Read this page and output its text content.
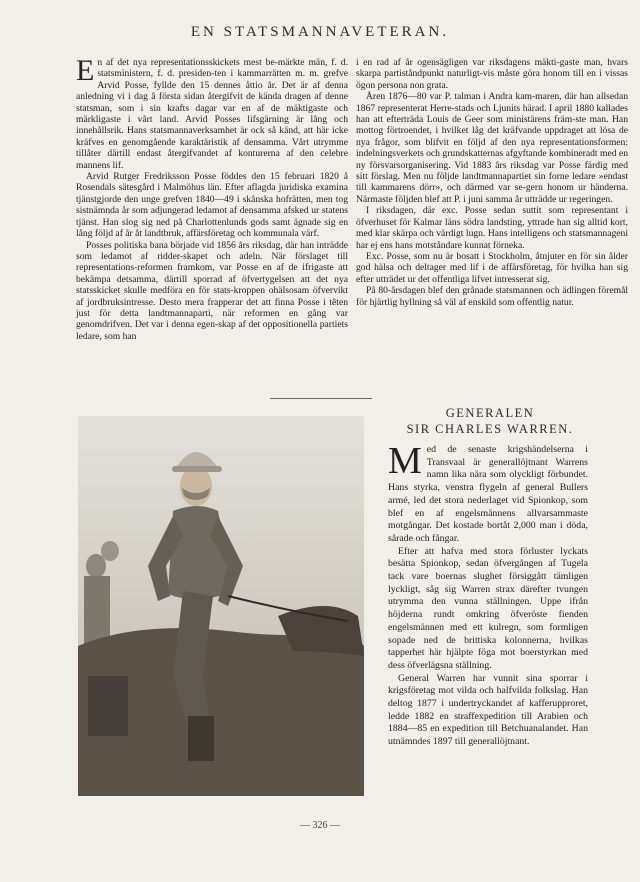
EN STATSMANNAVETERAN.

En af det nya representationsskickets mest be-märkte män, f. d. statsministern, f. d. presiden-ten i kammarrätten m. m. grefve Arvid Posse, fyllde den 15 dennes åttio år. Det är af denna anledning vi i dag å första sidan återgifvit de kända dragen af denne statsman, som i sin krafts dagar var en af de mäktigaste och märkligaste i vårt land. Arvid Posses lifsgärning är lång och innehållsrik. Hans statsmannaverksamhet är ock så känd, att här icke kräfves en genomgående karaktäristik af densamma. Vårt utrymme tillåter därtill endast återgifvandet af konturerna af den celebre mannens lif.

Arvid Rutger Fredriksson Posse föddes den 15 februari 1820 å Rosendals sätesgård i Malmöhus län. Efter aflagda juridiska examina tjänstgjorde den unge grefven 1840—49 i skånska hofrätten, men tog sistnämnda år som adjungerad ledamot af densamma afsked ur statens tjänst. Han slog sig ned på Charlottenlunds gods samt ägnade sig en lång följd af år åt landtbruk, affärsföretag och kommunala värf.

Posses politiska bana började vid 1856 års riksdag, där han inträdde som ledamot af ridder-skapet och adeln. När förslaget till representations-reformen framkom, var Posse en af de ifrigaste att bekämpa detsamma, därtill sporrad af öfvertygelsen att det nya statsskicket skulle medföra en för stats-kroppen ohälsosam öfvervikt af jordbruksintresse. Desto mera frapperar det att finna Posse i têten just för detta landtmannaparti, när reformen en gång var genomdrifven. Det var i denna egen-skap af det oppositionella partiets ledare, som han

i en rad af år ogensägligen var riksdagens mäkti-gaste man, hvars skarpa partiståndpunkt naturligt-vis måste göra honom till en i vissas ögon persona non grata.

Åren 1876—80 var P. talman i Andra kam-maren, där han allsedan 1867 representerat Herre-stads och Ljunits härad. I april 1880 kallades han att efterträda Louis de Geer som ministärens främ-ste man. Han mottog förtroendet, i hvilket låg det kräfvande uppdraget att lösa de nya frågor, som blifvit en följd af den nya representationsformen: indelningsverkets och grundskatternas afgyftande kombineradt med en ny försvarsorganisering. Vid 1883 års riksdag var Posse färdig med sitt förslag. Men nu följde landtmannapartiet sin forne ledare »endast till kammarens dörr», och därmed var se-gern honom ur händerna. Närmaste följden blef att P. i juni samma år utträdde ur regeringen.

I riksdagen, där exc. Posse sedan suttit som representant i öfverhuset för Kalmar läns södra landsting, yttrade han sig alltid kort, med klar skärpa och värdigt lugn. Hans intelligens och statsmannageni har ej ens hans motståndare kunnat förneka.

Exc. Posse, som nu är bosatt i Stockholm, åtnjuter en för sin ålder god hälsa och deltager med lif i de affärsföretag, för hvilka han sig efter utträdet ur det offentliga lifvet intresserat sig.

På 80-årsdagen blef den grånade statsmannen och ädlingen föremål för hjärtlig hyllning så väl af enskild som offentlig natur.

GENERALEN
SIR CHARLES WARREN.

Med de senaste krigshändelserna i Transvaal är generallöjtnant Warrens namn lika nära som olyckligt förbundet. Hans styrka, venstra flygeln af general Bullers armé, led det stora nederlaget vid Spionkop, som blef en af engelsmännens allvarsammaste motgångar. Det kostade bortåt 2,000 man i döda, sårade och fångar.

Efter att hafva med stora förluster lyckats besätta Spionkop, sedan öfvergången af Tugela tack vare boernas slughet försiggått tämligen lyckligt, såg sig Warren strax därefter tvungen utrymma den vunna ställningen. Uppe ifrån höjderna rundt omkring öfveröste fienden engelsmännen med ett kulregn, som formligen sopade ned de brittiska kolonnerna, hvilkas tapperhet här hjälpte föga mot boerstyrkan med dess öfverlägsna ställning.

General Warren har vunnit sina sporrar i krigsföretag mot vilda och halfvilda folkslag. Han deltog 1877 i undertryckandet af kafferupproret, ledde 1882 en straffexpedition till Arabien och 1884—85 en expedition till Betchuanalandet. Han utnämndes 1897 till generallöjtnant.

— 326 —
